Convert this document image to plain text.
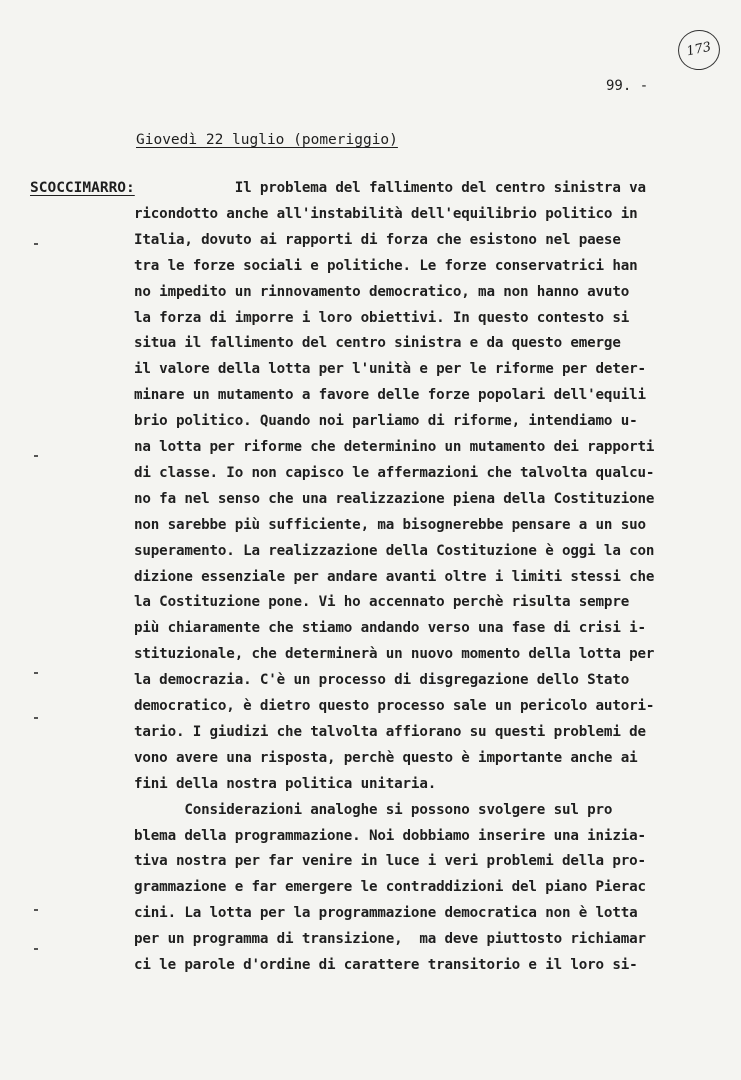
173
99. -
Giovedì 22 luglio (pomeriggio)
SCOCCIMARRO: Il problema del fallimento del centro sinistra va
ricondotto anche all'instabilità dell'equilibrio politico in
Italia, dovuto ai rapporti di forza che esistono nel paese
tra le forze sociali e politiche. Le forze conservatrici han
no impedito un rinnovamento democratico, ma non hanno avuto
la forza di imporre i loro obiettivi. In questo contesto si
situa il fallimento del centro sinistra e da questo emerge
il valore della lotta per l'unità e per le riforme per deter-
minare un mutamento a favore delle forze popolari dell'equili
brio politico. Quando noi parliamo di riforme, intendiamo u-
na lotta per riforme che determinino un mutamento dei rapporti
di classe. Io non capisco le affermazioni che talvolta qualcu-
no fa nel senso che una realizzazione piena della Costituzione
non sarebbe più sufficiente, ma bisognerebbe pensare a un suo
superamento. La realizzazione della Costituzione è oggi la con
dizione essenziale per andare avanti oltre i limiti stessi che
la Costituzione pone. Vi ho accennato perchè risulta sempre
più chiaramente che stiamo andando verso una fase di crisi i-
stituzionale, che determinerà un nuovo momento della lotta per
la democrazia. C'è un processo di disgregazione dello Stato
democratico, è dietro questo processo sale un pericolo autori-
tario. I giudizi che talvolta affiorano su questi problemi de
vono avere una risposta, perchè questo è importante anche ai
fini della nostra politica unitaria.
Considerazioni analoghe si possono svolgere sul pro
blema della programmazione. Noi dobbiamo inserire una inizia-
tiva nostra per far venire in luce i veri problemi della pro-
grammazione e far emergere le contraddizioni del piano Pierac
cini. La lotta per la programmazione democratica non è lotta
per un programma di transizione,  ma deve piuttosto richiamar
ci le parole d'ordine di carattere transitorio e il loro si-
